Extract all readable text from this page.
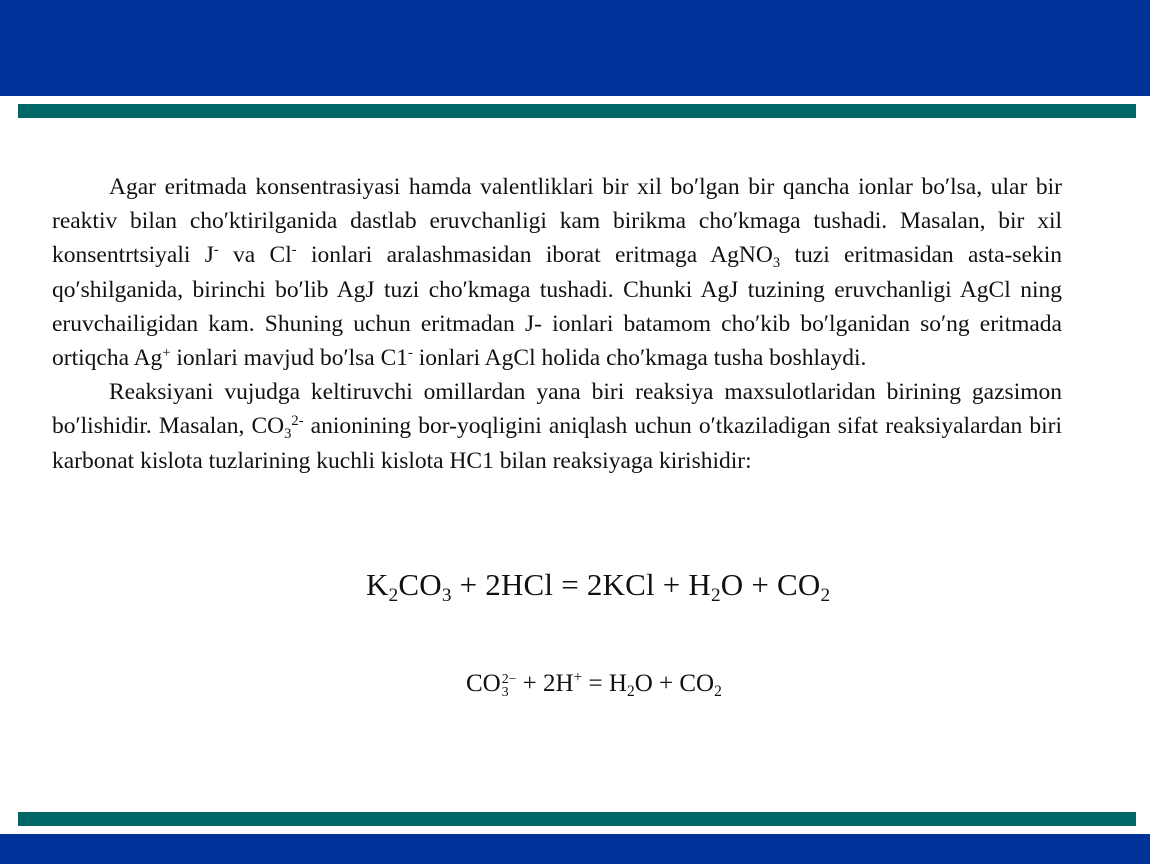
Agar eritmada konsentrasiyasi hamda valentliklari bir xil bo′lgan bir qancha ionlar bo′lsa, ular bir reaktiv bilan cho′ktirilganida dastlab eruvchanligi kam birikma cho′kmaga tushadi. Masalan, bir xil konsentrtsiyali J- va Cl- ionlari aralashmasidan iborat eritmaga AgNO$_3$ tuzi eritmasidan asta-sekin qo′shilganida, birinchi bo′lib AgJ tuzi cho′kmaga tushadi. Chunki AgJ tuzining eruvchanligi AgCl ning eruvchailigidan kam. Shuning uchun eritmadan J- ionlari batamom cho′kib bo′lganidan so′ng eritmada ortiqcha Ag+ ionlari mavjud bo′lsa C1- ionlari AgCl holida cho′kmaga tusha boshlaydi.

Reaksiyani vujudga keltiruvchi omillardan yana biri reaksiya maxsulotlaridan birining gazsimon bo′lishidir. Masalan, $CO_3^{2-}$ anionining bor-yoqligini aniqlash uchun o′tkaziladigan sifat reaksiyalardan biri karbonat kislota tuzlarining kuchli kislota HC1 bilan reaksiyaga kirishidir:

$K_2CO_3 + 2HCl = 2KCl + H_2O + CO_2$
CO 2−
$3 + 2H^+ = H_2O + CO_2$
